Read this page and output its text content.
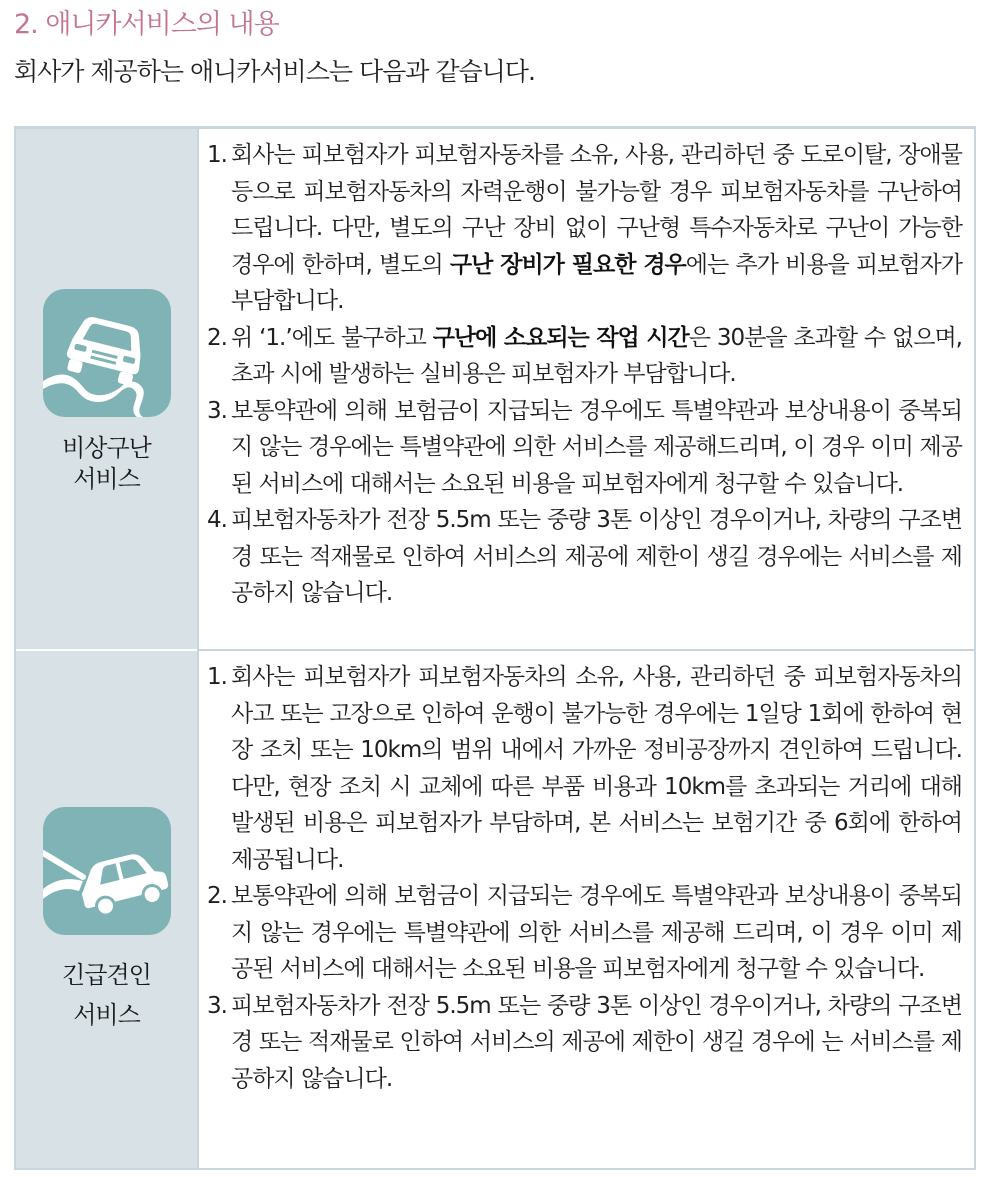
2. 애니카서비스의 내용
회사가 제공하는 애니카서비스는 다음과 같습니다.
비상구난
서비스
1. 회사는 피보험자가 피보험자동차를 소유, 사용, 관리하던 중 도로이탈, 장애물 등으로 피보험자동차의 자력운행이 불가능할 경우 피보험자동차를 구난하여 드립니다. 다만, 별도의 구난 장비 없이 구난형 특수자동차로 구난이 가능한 경우에 한하며, 별도의 구난 장비가 필요한 경우에는 추가 비용을 피보험자가 부담합니다.
2. 위 ‘1.’에도 불구하고 구난에 소요되는 작업 시간은 30분을 초과할 수 없으며, 초과 시에 발생하는 실비용은 피보험자가 부담합니다.
3. 보통약관에 의해 보험금이 지급되는 경우에도 특별약관과 보상내용이 중복되지 않는 경우에는 특별약관에 의한 서비스를 제공해드리며, 이 경우 이미 제공된 서비스에 대해서는 소요된 비용을 피보험자에게 청구할 수 있습니다.
4. 피보험자동차가 전장 5.5m 또는 중량 3톤 이상인 경우이거나, 차량의 구조변경 또는 적재물로 인하여 서비스의 제공에 제한이 생길 경우에는 서비스를 제공하지 않습니다.
긴급견인
서비스
1. 회사는 피보험자가 피보험자동차의 소유, 사용, 관리하던 중 피보험자동차의 사고 또는 고장으로 인하여 운행이 불가능한 경우에는 1일당 1회에 한하여 현장 조치 또는 10km의 범위 내에서 가까운 정비공장까지 견인하여 드립니다. 다만, 현장 조치 시 교체에 따른 부품 비용과 10km를 초과되는 거리에 대해 발생된 비용은 피보험자가 부담하며, 본 서비스는 보험기간 중 6회에 한하여 제공됩니다.
2. 보통약관에 의해 보험금이 지급되는 경우에도 특별약관과 보상내용이 중복되지 않는 경우에는 특별약관에 의한 서비스를 제공해 드리며, 이 경우 이미 제공된 서비스에 대해서는 소요된 비용을 피보험자에게 청구할 수 있습니다.
3. 피보험자동차가 전장 5.5m 또는 중량 3톤 이상인 경우이거나, 차량의 구조변경 또는 적재물로 인하여 서비스의 제공에 제한이 생길 경우에 는 서비스를 제공하지 않습니다.
